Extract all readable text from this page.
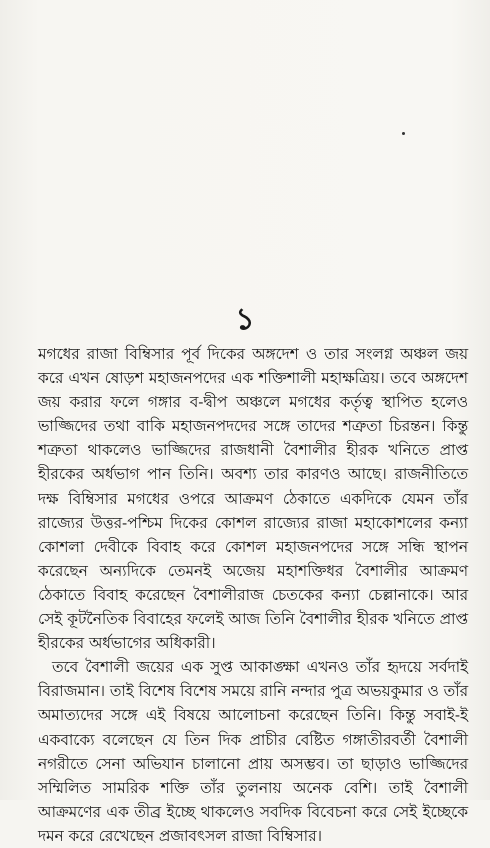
১

মগধের রাজা বিম্বিসার পূর্ব দিকের অঙ্গদেশ ও তার সংলগ্ন অঞ্চল জয় করে এখন ষোড়শ মহাজনপদের এক শক্তিশালী মহাক্ষত্রিয়। তবে অঙ্গদেশ জয় করার ফলে গঙ্গার ব-দ্বীপ অঞ্চলে মগধের কর্তৃত্ব স্থাপিত হলেও ভাজ্জিদের তথা বাকি মহাজনপদদের সঙ্গে তাদের শত্রুতা চিরন্তন। কিন্তু শত্রুতা থাকলেও ভাজ্জিদের রাজধানী বৈশালীর হীরক খনিতে প্রাপ্ত হীরকের অর্ধভাগ পান তিনি। অবশ্য তার কারণও আছে। রাজনীতিতে দক্ষ বিম্বিসার মগধের ওপরে আক্রমণ ঠেকাতে একদিকে যেমন তাঁর রাজ্যের উত্তর-পশ্চিম দিকের কোশল রাজ্যের রাজা মহাকোশলের কন্যা কোশলা দেবীকে বিবাহ করে কোশল মহাজনপদের সঙ্গে সন্ধি স্থাপন করেছেন অন্যদিকে তেমনই অজেয় মহাশক্তিধর বৈশালীর আক্রমণ ঠেকাতে বিবাহ করেছেন বৈশালীরাজ চেতকের কন্যা চেল্লানাকে। আর সেই কূটনৈতিক বিবাহের ফলেই আজ তিনি বৈশালীর হীরক খনিতে প্রাপ্ত হীরকের অর্ধভাগের অধিকারী।

তবে বৈশালী জয়ের এক সুপ্ত আকাঙ্ক্ষা এখনও তাঁর হৃদয়ে সর্বদাই বিরাজমান। তাই বিশেষ বিশেষ সময়ে রানি নন্দার পুত্র অভয়কুমার ও তাঁর অমাত্যদের সঙ্গে এই বিষয়ে আলোচনা করেছেন তিনি। কিন্তু সবাই-ই একবাক্যে বলেছেন যে তিন দিক প্রাচীর বেষ্টিত গঙ্গাতীরবর্তী বৈশালী নগরীতে সেনা অভিযান চালানো প্রায় অসম্ভব। তা ছাড়াও ভাজ্জিদের সম্মিলিত সামরিক শক্তি তাঁর তুলনায় অনেক বেশি। তাই বৈশালী আক্রমণের এক তীব্র ইচ্ছে থাকলেও সবদিক বিবেচনা করে সেই ইচ্ছেকে দমন করে রেখেছেন প্রজাবৎসল রাজা বিম্বিসার।
